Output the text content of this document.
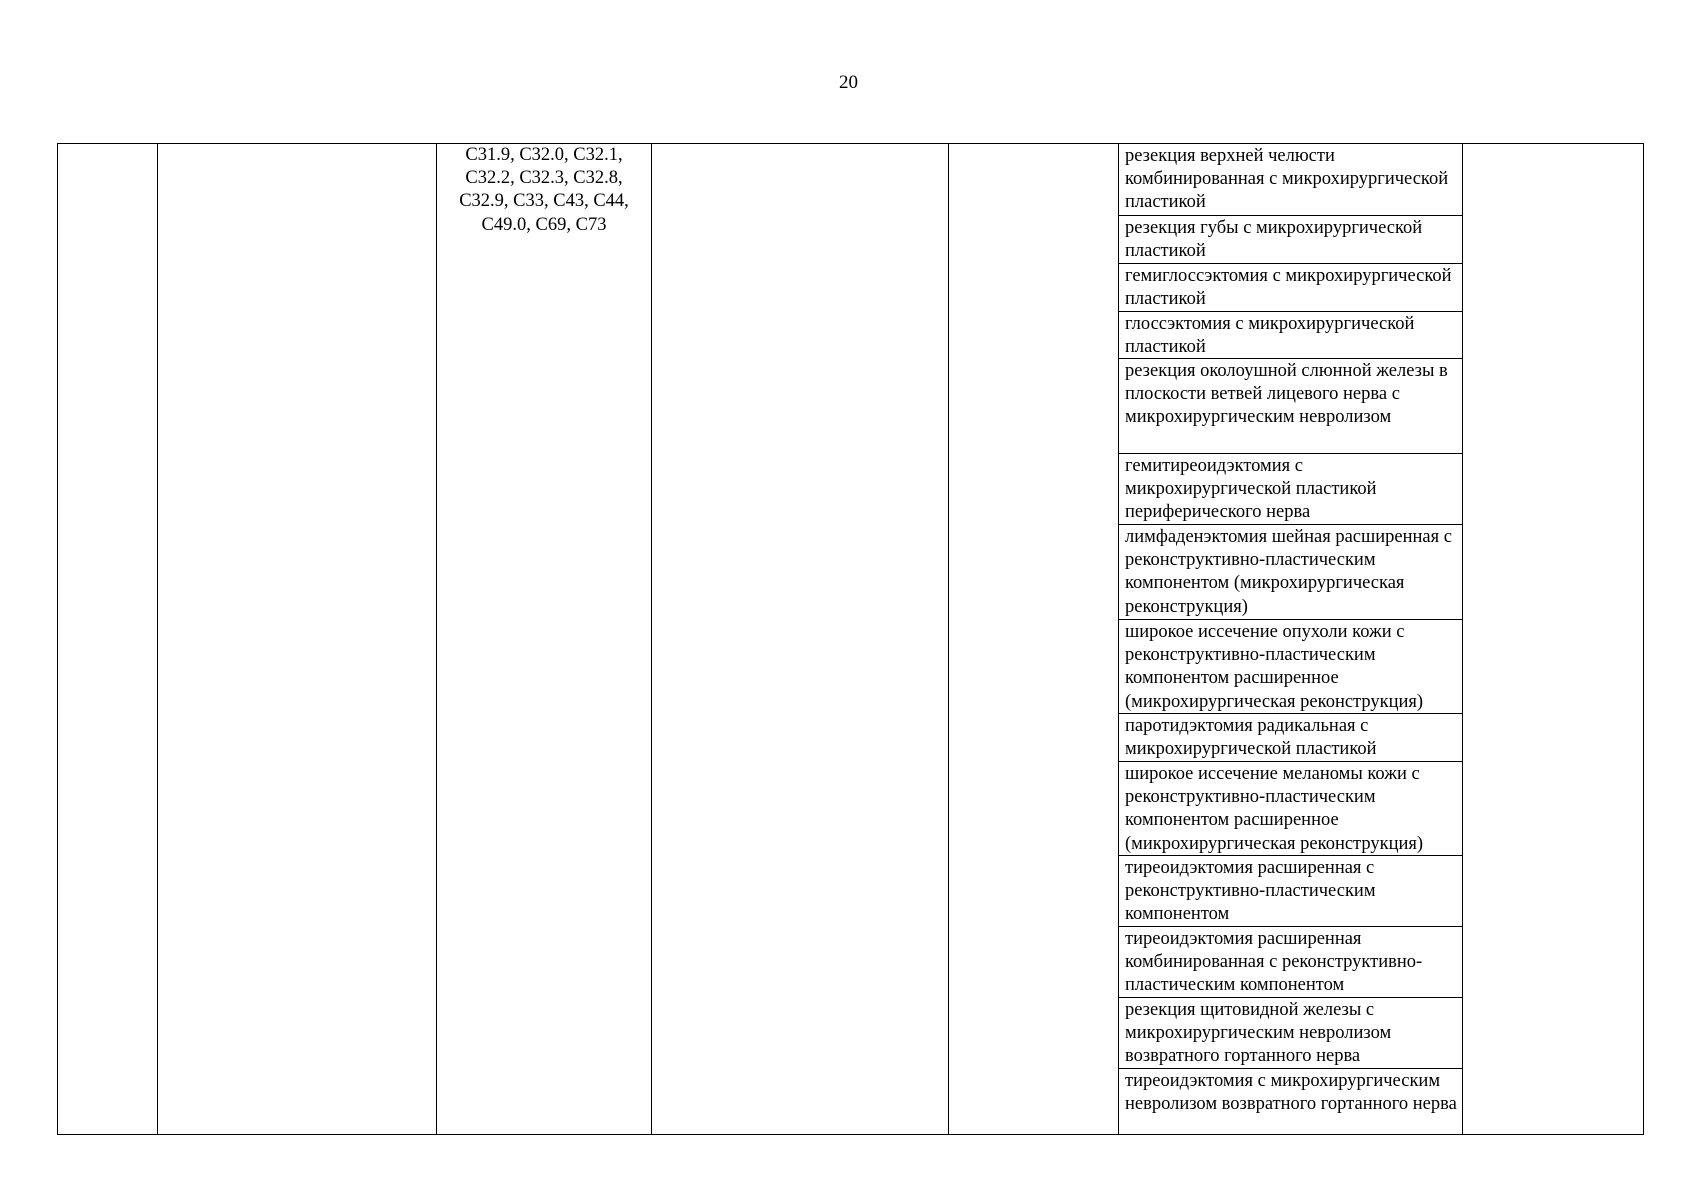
20

C31.9, C32.0, C32.1, C32.2, C32.3, C32.8, C32.9, C33, C43, C44, C49.0, C69, C73

резекция верхней челюсти комбинированная с микрохирургической пластикой
резекция губы с микрохирургической пластикой
гемиглоссэктомия с микрохирургической пластикой
глоссэктомия с микрохирургической пластикой
резекция околоушной слюнной железы в плоскости ветвей лицевого нерва с микрохирургическим невролизом
гемитиреоидэктомия с микрохирургической пластикой периферического нерва
лимфаденэктомия шейная расширенная с реконструктивно-пластическим компонентом (микрохирургическая реконструкция)
широкое иссечение опухоли кожи с реконструктивно-пластическим компонентом расширенное (микрохирургическая реконструкция)
паротидэктомия радикальная с микрохирургической пластикой
широкое иссечение меланомы кожи с реконструктивно-пластическим компонентом расширенное (микрохирургическая реконструкция)
тиреоидэктомия расширенная с реконструктивно-пластическим компонентом
тиреоидэктомия расширенная комбинированная с реконструктивно-пластическим компонентом
резекция щитовидной железы с микрохирургическим невролизом возвратного гортанного нерва
тиреоидэктомия с микрохирургическим невролизом возвратного гортанного нерва
